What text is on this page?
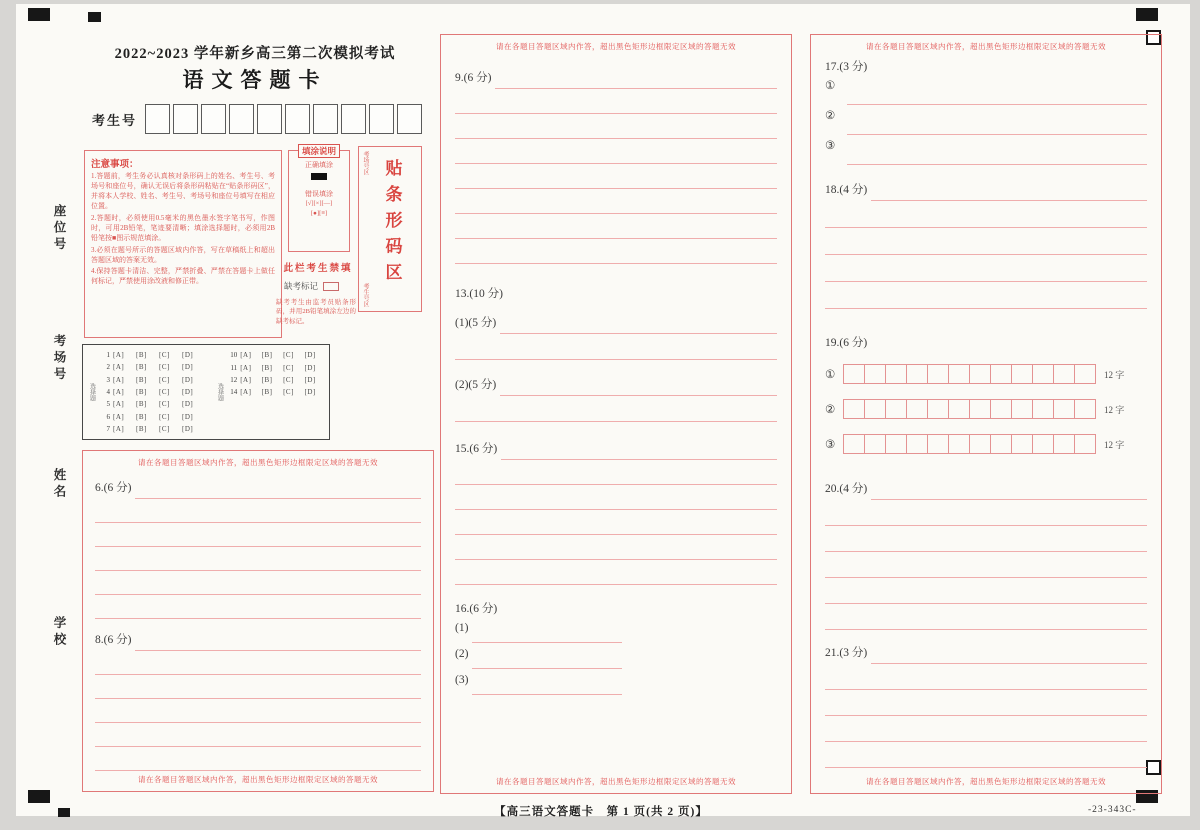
座位号
考场号
姓名
学校
2022~2023 学年新乡高三第二次模拟考试
语文答题卡
考生号
注意事项：

1.答题前，考生务必认真核对条形码上的姓名、考生号、考场号和座位号，确认无误后将条形码粘贴在“贴条形码区”，并将本人学校、姓名、考生号、考场号和座位号填写在相应位置。

2.答题时，必须使用0.5毫米的黑色墨水签字笔书写，作图时，可用2B铅笔，笔迹要清晰；填涂选择题时，必须用2B铅笔按■图示规范填涂。

3.必须在题号所示的答题区域内作答，写在草稿纸上和超出答题区域的答案无效。

4.保持答题卡清洁、完整，严禁折叠、严禁在答题卡上做任何标记，严禁使用涂改液和修正带。

填涂说明
正确填涂
错误填涂
[√][×][—]
[●][≡]
考场号区
考生号区
贴条形码区
此栏考生禁填
缺考标记
缺考考生由监考员贴条形码，并用2B铅笔填涂左边的缺考标记。
选择题
1 [A]	[B]	[C]	[D]
2 [A]	[B]	[C]	[D]
3 [A]	[B]	[C]	[D]
4 [A]	[B]	[C]	[D]
5 [A]	[B]	[C]	[D]
6 [A]	[B]	[C]	[D]
7 [A]	[B]	[C]	[D]
选择题
10 [A]	[B]	[C]	[D]
11 [A]	[B]	[C]	[D]
12 [A]	[B]	[C]	[D]
14 [A]	[B]	[C]	[D]
请在各题目答题区域内作答，超出黑色矩形边框限定区域的答题无效
6.(6 分)
8.(6 分)
请在各题目答题区域内作答，超出黑色矩形边框限定区域的答题无效
请在各题目答题区域内作答，超出黑色矩形边框限定区域的答题无效
9.(6 分)
13.(10 分)
(1)(5 分)
(2)(5 分)
15.(6 分)
16.(6 分)
(1)
(2)
(3)
请在各题目答题区域内作答，超出黑色矩形边框限定区域的答题无效
请在各题目答题区域内作答，超出黑色矩形边框限定区域的答题无效
17.(3 分)
①
②
③
18.(4 分)
19.(6 分)
①	12 字
②	12 字
③	12 字
20.(4 分)
21.(3 分)
请在各题目答题区域内作答，超出黑色矩形边框限定区域的答题无效
【高三语文答题卡　第 1 页(共 2 页)】	-23-343C-
